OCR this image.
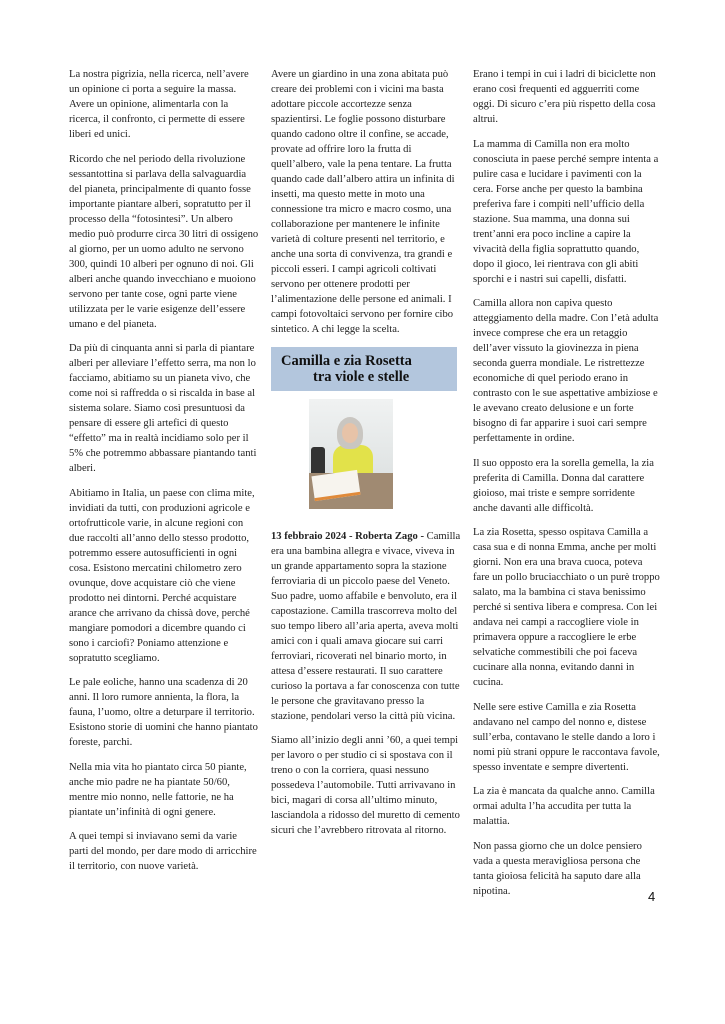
La nostra pigrizia, nella ricerca, nell’avere un opinione ci porta a seguire la massa. Avere un opinione, alimentarla con la ricerca, il confronto, ci permette di essere liberi ed unici.

Ricordo che nel periodo della rivoluzione sessantottina si parlava della salvaguardia del pianeta, principalmente di quanto fosse importante piantare alberi, sopratutto per il processo della “fotosintesi”. Un albero medio può produrre circa 30 litri di ossigeno al giorno, per un uomo adulto ne servono 300, quindi 10 alberi per ognuno di noi. Gli alberi anche quando invecchiano e muoiono servono per tante cose, ogni parte viene utilizzata per le varie esigenze dell’essere umano e del pianeta.

Da più di cinquanta anni si parla di piantare alberi per alleviare l’effetto serra, ma non lo facciamo, abitiamo su un pianeta vivo, che come noi si raffredda o si riscalda in base al sistema solare. Siamo così presuntuosi da pensare di essere gli artefici di questo “effetto” ma in realtà incidiamo solo per il 5% che potremmo abbassare piantando tanti alberi.

Abitiamo in Italia, un paese con clima mite, invidiati da tutti, con produzioni agricole e ortofrutticole varie, in alcune regioni con due raccolti all’anno dello stesso prodotto, potremmo essere autosufficienti in ogni cosa. Esistono mercatini chilometro zero ovunque, dove acquistare ciò che viene prodotto nei dintorni. Perché acquistare arance che arrivano da chissà dove, perché mangiare pomodori a dicembre quando ci sono i carciofi? Poniamo attenzione e sopratutto scegliamo.

Le pale eoliche, hanno una scadenza di 20 anni. Il loro rumore annienta, la flora, la fauna, l’uomo, oltre a deturpare il territorio. Esistono storie di uomini che hanno piantato foreste, parchi.

Nella mia vita ho piantato circa 50 piante, anche mio padre ne ha piantate 50/60, mentre mio nonno, nelle fattorie, ne ha piantate un’infinità di ogni genere.

A quei tempi si inviavano semi da varie parti del mondo, per dare modo di arricchire il territorio, con nuove varietà.

Avere un giardino in una zona abitata può creare dei problemi con i vicini ma basta adottare piccole accortezze senza spazientirsi. Le foglie possono disturbare quando cadono oltre il confine, se accade, provate ad offrire loro la frutta di quell’albero, vale la pena tentare. La frutta quando cade dall’albero attira un infinita di insetti, ma questo mette in moto una connessione tra micro e macro cosmo, una collaborazione per mantenere le infinite varietà di colture presenti nel territorio, e anche una sorta di convivenza, tra grandi e piccoli esseri. I campi agricoli coltivati servono per ottenere prodotti per l’alimentazione delle persone ed animali. I campi fotovoltaici servono per fornire cibo sintetico. A chi legge la scelta.

Camilla e zia Rosetta
tra viole e stelle

13 febbraio 2024 - Roberta Zago - Camilla era una bambina allegra e vivace, viveva in un grande appartamento sopra la stazione ferroviaria di un piccolo paese del Veneto. Suo padre, uomo affabile e benvoluto, era il capostazione. Camilla trascorreva molto del suo tempo libero all’aria aperta, aveva molti amici con i quali amava giocare sui carri ferroviari, ricoverati nel binario morto, in attesa d’essere restaurati. Il suo carattere curioso la portava a far conoscenza con tutte le persone che gravitavano presso la stazione, pendolari verso la città più vicina.

Siamo all’inizio degli anni ’60, a quei tempi per lavoro o per studio ci si spostava con il treno o con la corriera, quasi nessuno possedeva l’automobile. Tutti arrivavano in bici, magari di corsa all’ultimo minuto, lasciandola a ridosso del muretto di cemento sicuri che l’avrebbero ritrovata al ritorno.

Erano i tempi in cui i ladri di biciclette non erano così frequenti ed agguerriti come oggi. Di sicuro c’era più rispetto della cosa altrui.

La mamma di Camilla non era molto conosciuta in paese perché sempre intenta a pulire casa e lucidare i pavimenti con la cera. Forse anche per questo la bambina preferiva fare i compiti nell’ufficio della stazione. Sua mamma, una donna sui trent’anni era poco incline a capire la vivacità della figlia soprattutto quando, dopo il gioco, lei rientrava con gli abiti sporchi e i nastri sui capelli, disfatti.

Camilla allora non capiva questo atteggiamento della madre. Con l’età adulta invece comprese che era un retaggio dell’aver vissuto la giovinezza in piena seconda guerra mondiale. Le ristrettezze economiche di quel periodo erano in contrasto con le sue aspettative ambiziose e le avevano creato delusione e un forte bisogno di far apparire i suoi cari sempre perfettamente in ordine.

Il suo opposto era la sorella gemella, la zia preferita di Camilla. Donna dal carattere gioioso, mai triste e sempre sorridente anche davanti alle difficoltà.

La zia Rosetta, spesso ospitava Camilla a casa sua e di nonna Emma, anche per molti giorni. Non era una brava cuoca, poteva fare un pollo bruciacchiato o un purè troppo salato, ma la bambina ci stava benissimo perché si sentiva libera e compresa. Con lei andava nei campi a raccogliere viole in primavera oppure a raccogliere le erbe selvatiche commestibili che poi faceva cucinare alla nonna, evitando danni in cucina.

Nelle sere estive Camilla e zia Rosetta andavano nel campo del nonno e, distese sull’erba, contavano le stelle dando a loro i nomi più strani oppure le raccontava favole, spesso inventate e sempre divertenti.

La zia è mancata da qualche anno. Camilla ormai adulta l’ha accudita per tutta la malattia.

Non passa giorno che un dolce pensiero vada a questa meravigliosa persona che tanta gioiosa felicità ha saputo dare alla nipotina.	4
